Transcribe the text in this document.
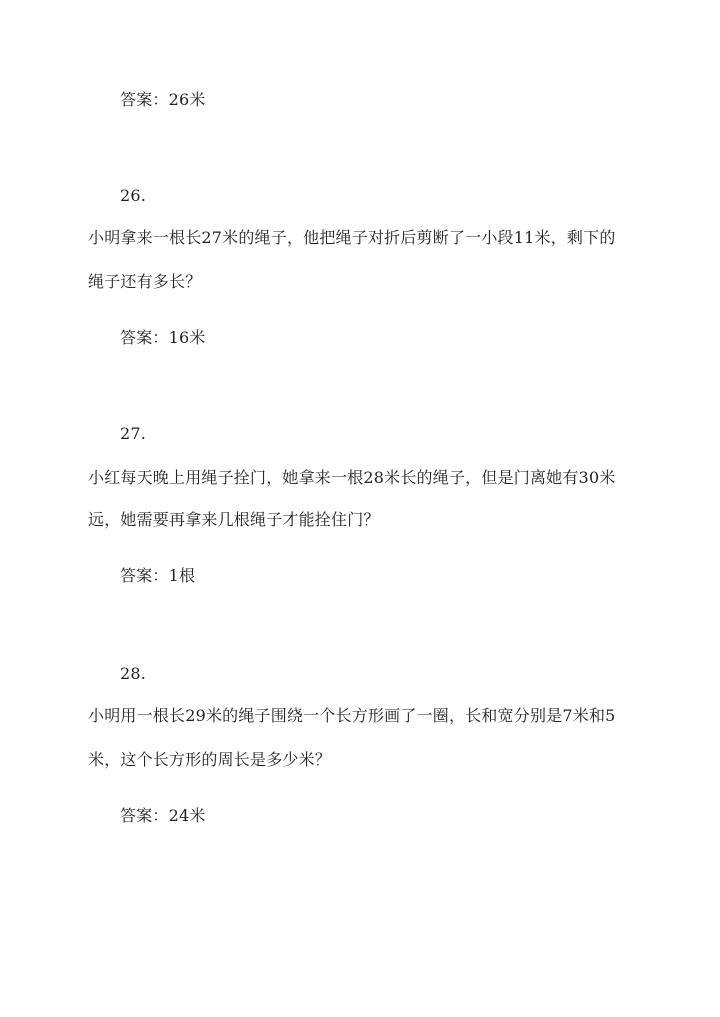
答案：26米
26.
小明拿来一根长27米的绳子，他把绳子对折后剪断了一小段11米，剩下的
绳子还有多长？
答案：16米
27.
小红每天晚上用绳子拴门，她拿来一根28米长的绳子，但是门离她有30米
远，她需要再拿来几根绳子才能拴住门？
答案：1根
28.
小明用一根长29米的绳子围绕一个长方形画了一圈，长和宽分别是7米和5
米，这个长方形的周长是多少米？
答案：24米
